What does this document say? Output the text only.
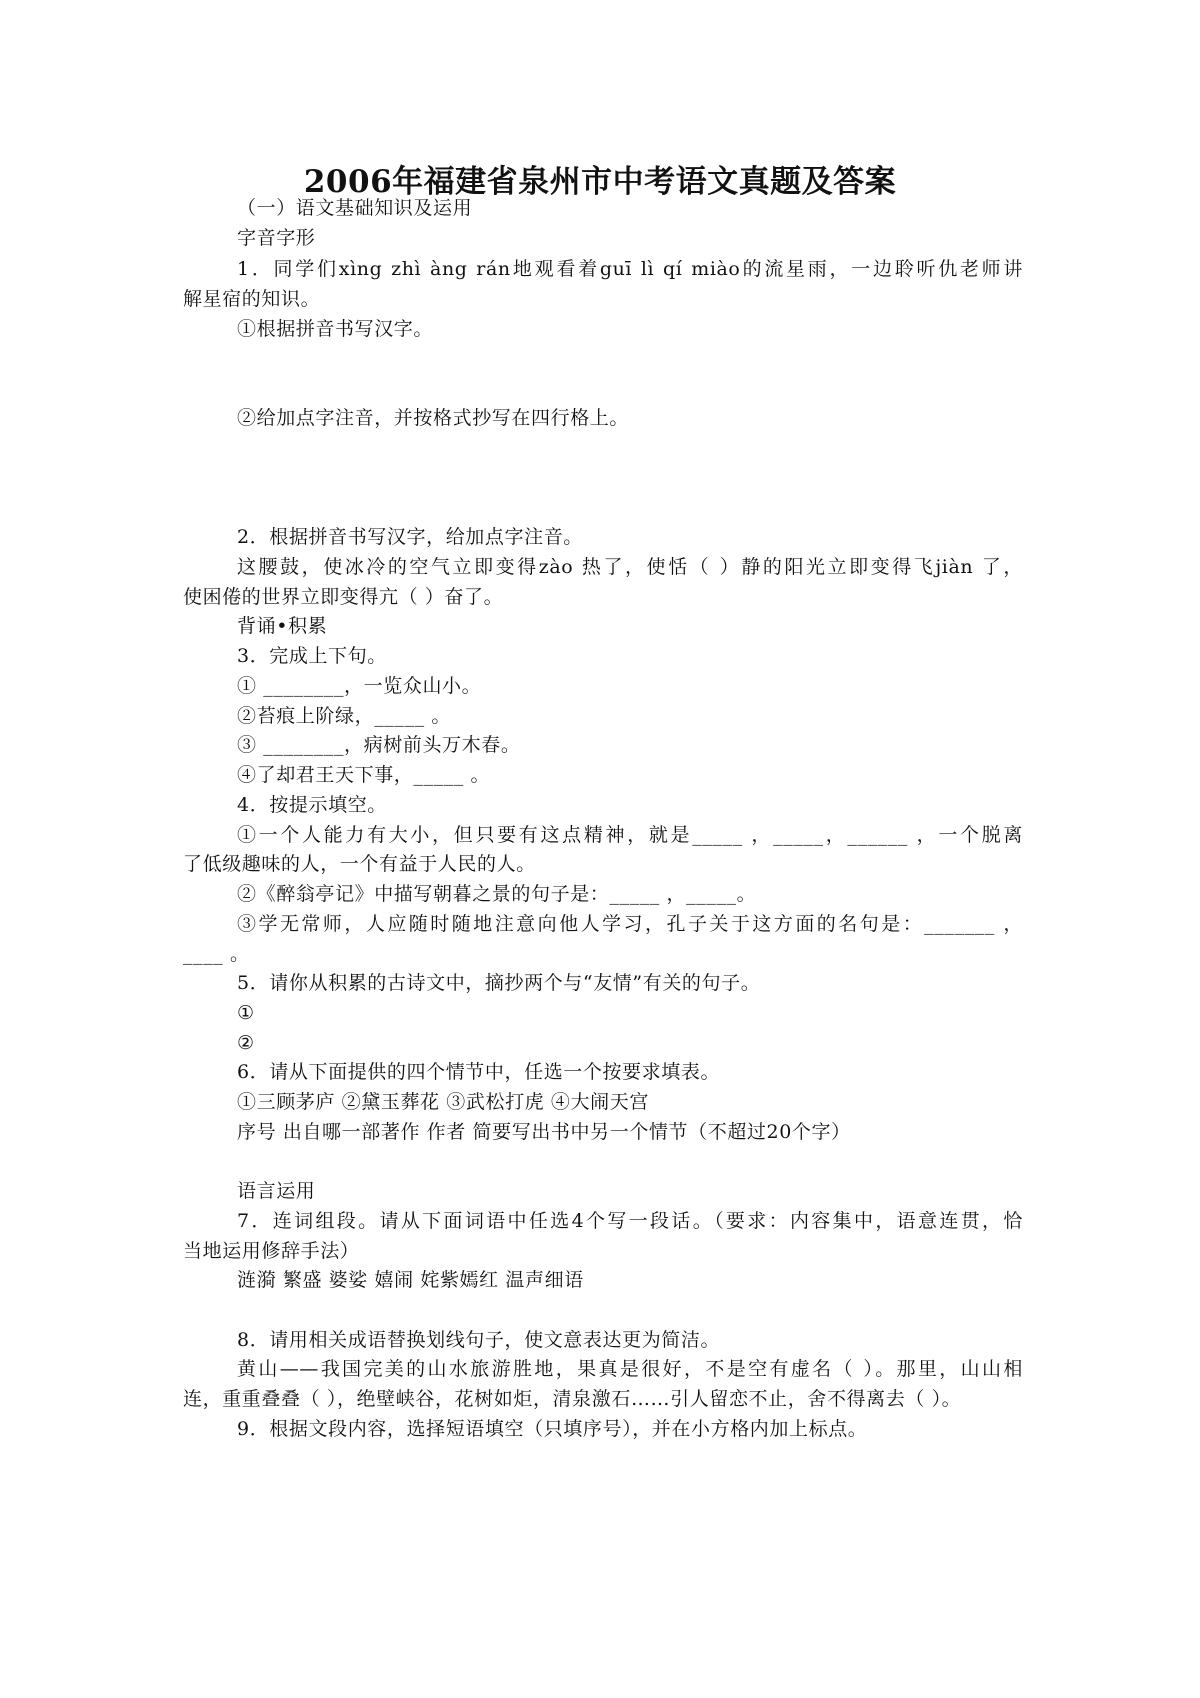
2006年福建省泉州市中考语文真题及答案
（一）语文基础知识及运用
字音字形
1．同学们xìng zhì àng rán地观看着guī lì qí miào的流星雨，一边聆听仇老师讲
解星宿的知识。
①根据拼音书写汉字。
②给加点字注音，并按格式抄写在四行格上。
2．根据拼音书写汉字，给加点字注音。
这腰鼓，使冰冷的空气立即变得zào 热了，使恬（ ）静的阳光立即变得飞jiàn 了，
使困倦的世界立即变得亢（ ）奋了。
背诵•积累
3．完成上下句。
① ________，一览众山小。
②苔痕上阶绿，_____ 。
③ ________，病树前头万木春。
④了却君王天下事，_____ 。
4．按提示填空。
①一个人能力有大小，但只要有这点精神，就是_____ ，_____，______ ，一个脱离
了低级趣味的人，一个有益于人民的人。
②《醉翁亭记》中描写朝暮之景的句子是：_____ ，_____。
③学无常师，人应随时随地注意向他人学习，孔子关于这方面的名句是：_______ ，
____ 。
5．请你从积累的古诗文中，摘抄两个与“友情”有关的句子。
①
②
6．请从下面提供的四个情节中，任选一个按要求填表。
①三顾茅庐 ②黛玉葬花 ③武松打虎 ④大闹天宫
序号 出自哪一部著作 作者 简要写出书中另一个情节（不超过20个字）
语言运用
7．连词组段。请从下面词语中任选4个写一段话。（要求：内容集中，语意连贯，恰
当地运用修辞手法）
涟漪 繁盛 婆娑 嬉闹 姹紫嫣红 温声细语
8．请用相关成语替换划线句子，使文意表达更为简洁。
黄山——我国完美的山水旅游胜地，果真是很好，不是空有虚名（ ）。那里，山山相
连，重重叠叠（ ），绝壁峡谷，花树如炬，清泉激石……引人留恋不止，舍不得离去（ ）。
9．根据文段内容，选择短语填空（只填序号），并在小方格内加上标点。
